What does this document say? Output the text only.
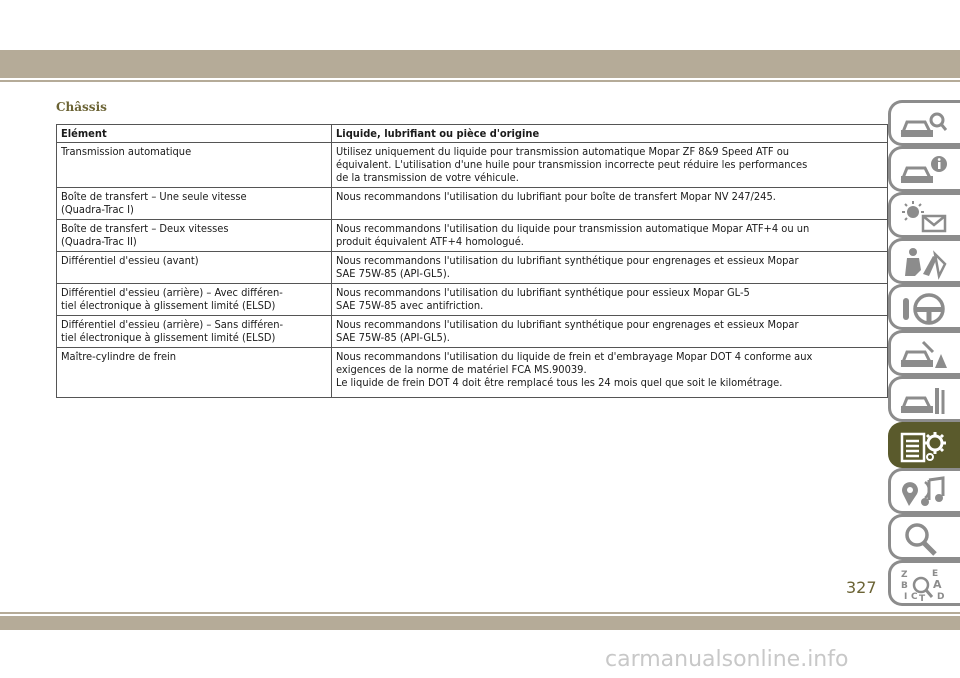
Châssis
Elément	Liquide, lubrifiant ou pièce d'origine
Transmission automatique	Utilisez uniquement du liquide pour transmission automatique Mopar ZF 8&9 Speed ATF ou
équivalent. L'utilisation d'une huile pour transmission incorrecte peut réduire les performances
de la transmission de votre véhicule.
Boîte de transfert – Une seule vitesse
(Quadra-Trac I)	Nous recommandons l'utilisation du lubrifiant pour boîte de transfert Mopar NV 247/245.
Boîte de transfert – Deux vitesses
(Quadra-Trac II)	Nous recommandons l'utilisation du liquide pour transmission automatique Mopar ATF+4 ou un
produit équivalent ATF+4 homologué.
Différentiel d'essieu (avant)	Nous recommandons l'utilisation du lubrifiant synthétique pour engrenages et essieux Mopar
SAE 75W-85 (API-GL5).
Différentiel d'essieu (arrière) – Avec différen-
tiel électronique à glissement limité (ELSD)	Nous recommandons l'utilisation du lubrifiant synthétique pour essieux Mopar GL-5
SAE 75W-85 avec antifriction.
Différentiel d'essieu (arrière) – Sans différen-
tiel électronique à glissement limité (ELSD)	Nous recommandons l'utilisation du lubrifiant synthétique pour engrenages et essieux Mopar
SAE 75W-85 (API-GL5).
Maître-cylindre de frein	Nous recommandons l'utilisation du liquide de frein et d'embrayage Mopar DOT 4 conforme aux
exigences de la norme de matériel FCA MS.90039.
Le liquide de frein DOT 4 doit être remplacé tous les 24 mois quel que soit le kilométrage.
Z	E
B A
I C T D
327
carmanualsonline.info
